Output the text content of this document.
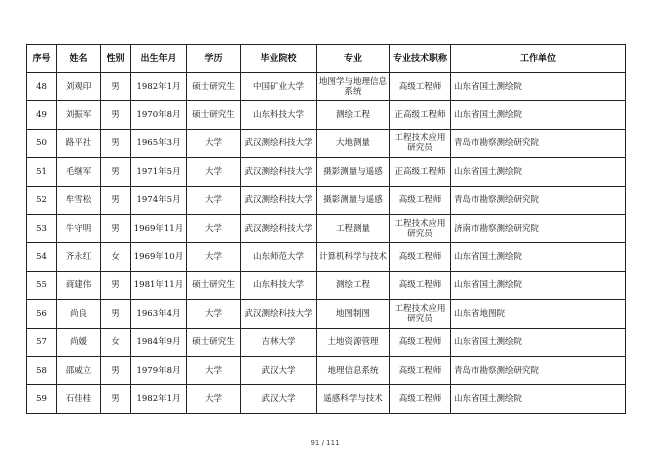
序号	姓名	性别	出生年月	学历	毕业院校	专业	专业技术职称	工作单位
48	刘观印	男	1982年1月	硕士研究生	中国矿业大学	地图学与地理信息系统	高级工程师	山东省国土测绘院
49	刘振军	男	1970年8月	硕士研究生	山东科技大学	测绘工程	正高级工程师	山东省国土测绘院
50	路平社	男	1965年3月	大学	武汉测绘科技大学	大地测量	工程技术应用研究员	青岛市勘察测绘研究院
51	毛继军	男	1971年5月	大学	武汉测绘科技大学	摄影测量与遥感	正高级工程师	山东省国土测绘院
52	牟雪松	男	1974年5月	大学	武汉测绘科技大学	摄影测量与遥感	高级工程师	青岛市勘察测绘研究院
53	牛守明	男	1969年11月	大学	武汉测绘科技大学	工程测量	工程技术应用研究员	济南市勘察测绘研究院
54	齐永红	女	1969年10月	大学	山东师范大学	计算机科学与技术	高级工程师	山东省国土测绘院
55	商建伟	男	1981年11月	硕士研究生	山东科技大学	测绘工程	高级工程师	山东省国土测绘院
56	尚良	男	1963年4月	大学	武汉测绘科技大学	地图制图	工程技术应用研究员	山东省地图院
57	尚媛	女	1984年9月	硕士研究生	吉林大学	土地资源管理	高级工程师	山东省国土测绘院
58	邵威立	男	1979年8月	大学	武汉大学	地理信息系统	高级工程师	青岛市勘察测绘研究院
59	石佳桂	男	1982年1月	大学	武汉大学	遥感科学与技术	高级工程师	山东省国土测绘院
91 / 111
